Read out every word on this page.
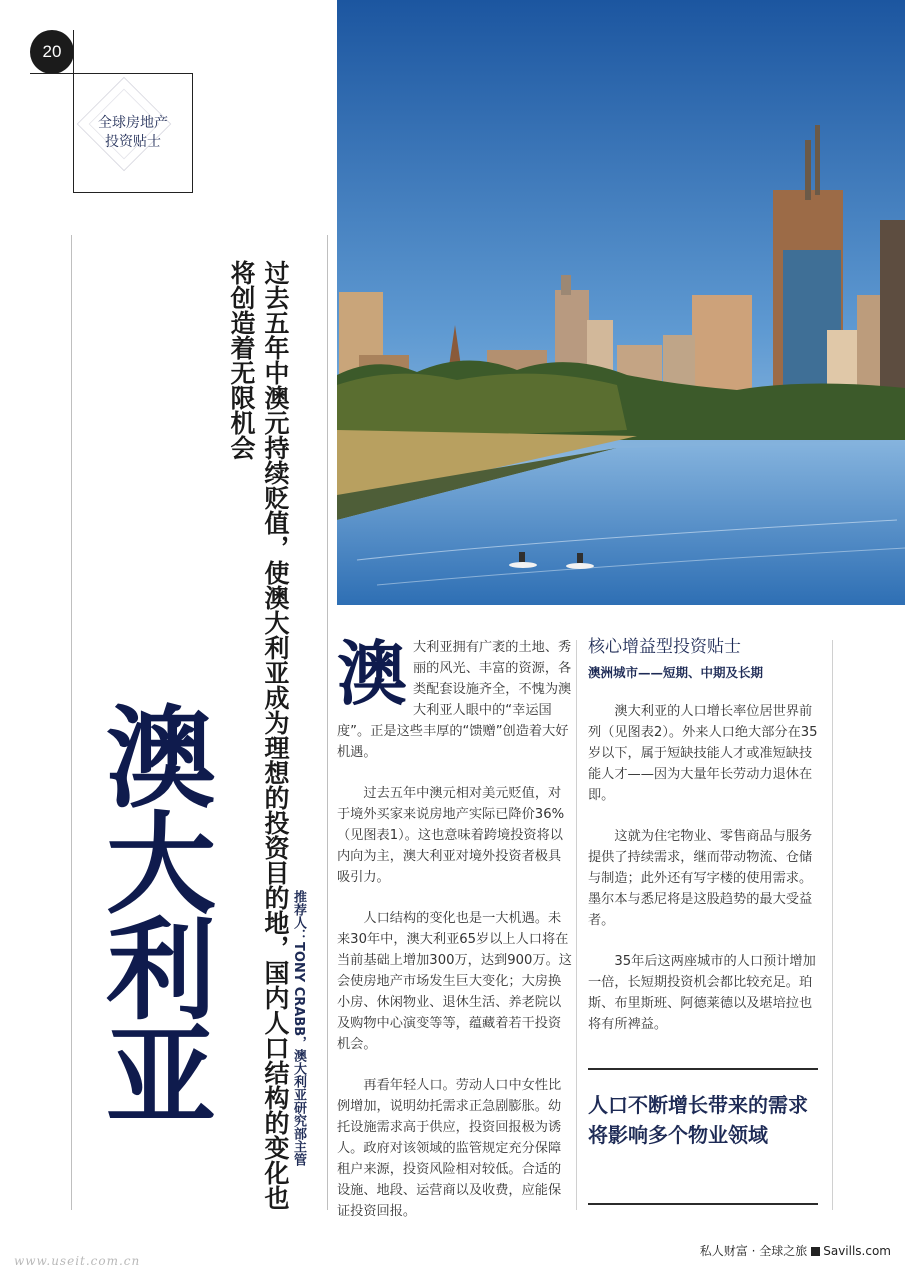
20
全球房地产
投资贴士
澳大利亚	过去五年中澳元持续贬值，使澳大利亚成为理想的投资目的地，国内人口结构的变化也将创造着无限机会
推荐人：TONY CRABB，澳大利亚研究部主管
澳 大利亚拥有广袤的土地、秀丽的风光、丰富的资源，各类配套设施齐全，不愧为澳大利亚人眼中的“幸运国度”。正是这些丰厚的“馈赠”创造着大好机遇。

过去五年中澳元相对美元贬值，对于境外买家来说房地产实际已降价36%（见图表1）。这也意味着跨境投资将以内向为主，澳大利亚对境外投资者极具吸引力。

人口结构的变化也是一大机遇。未来30年中，澳大利亚65岁以上人口将在当前基础上增加300万，达到900万。这会使房地产市场发生巨大变化；大房换小房、休闲物业、退休生活、养老院以及购物中心演变等等，蕴藏着若干投资机会。

再看年轻人口。劳动人口中女性比例增加，说明幼托需求正急剧膨胀。幼托设施需求高于供应，投资回报极为诱人。政府对该领域的监管规定充分保障租户来源，投资风险相对较低。合适的设施、地段、运营商以及收费，应能保证投资回报。

核心增益型投资贴士
澳洲城市——短期、中期及长期

澳大利亚的人口增长率位居世界前列（见图表2）。外来人口绝大部分在35岁以下，属于短缺技能人才或准短缺技能人才——因为大量年长劳动力退休在即。

这就为住宅物业、零售商品与服务提供了持续需求，继而带动物流、仓储与制造；此外还有写字楼的使用需求。墨尔本与悉尼将是这股趋势的最大受益者。

35年后这两座城市的人口预计增加一倍，长短期投资机会都比较充足。珀斯、布里斯班、阿德莱德以及堪培拉也将有所裨益。

人口不断增长带来的需求将影响多个物业领域
www.useit.com.cn
私人财富 · 全球之旅 Savills.com
